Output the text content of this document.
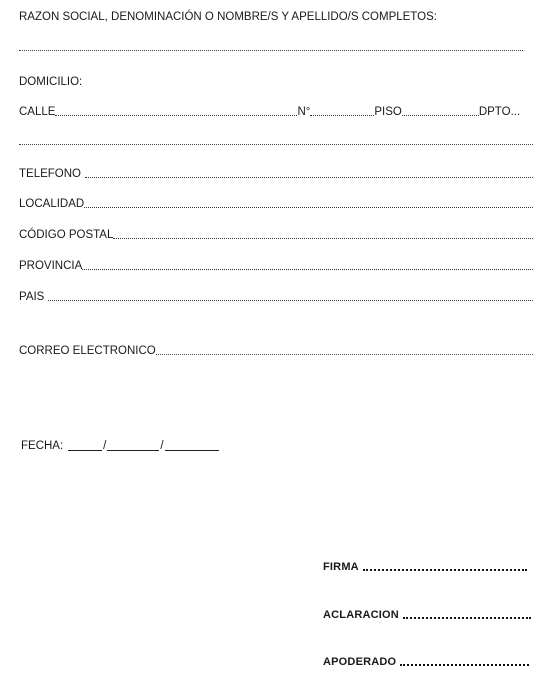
RAZON SOCIAL, DENOMINACIÓN O NOMBRE/S Y APELLIDO/S COMPLETOS:
DOMICILIO:
CALLE	N°	PISO	DPTO...
TELEFONO
LOCALIDAD
CÓDIGO POSTAL
PROVINCIA
PAIS
CORREO ELECTRONICO
FECHA:	/	/
FIRMA
ACLARACION
APODERADO
